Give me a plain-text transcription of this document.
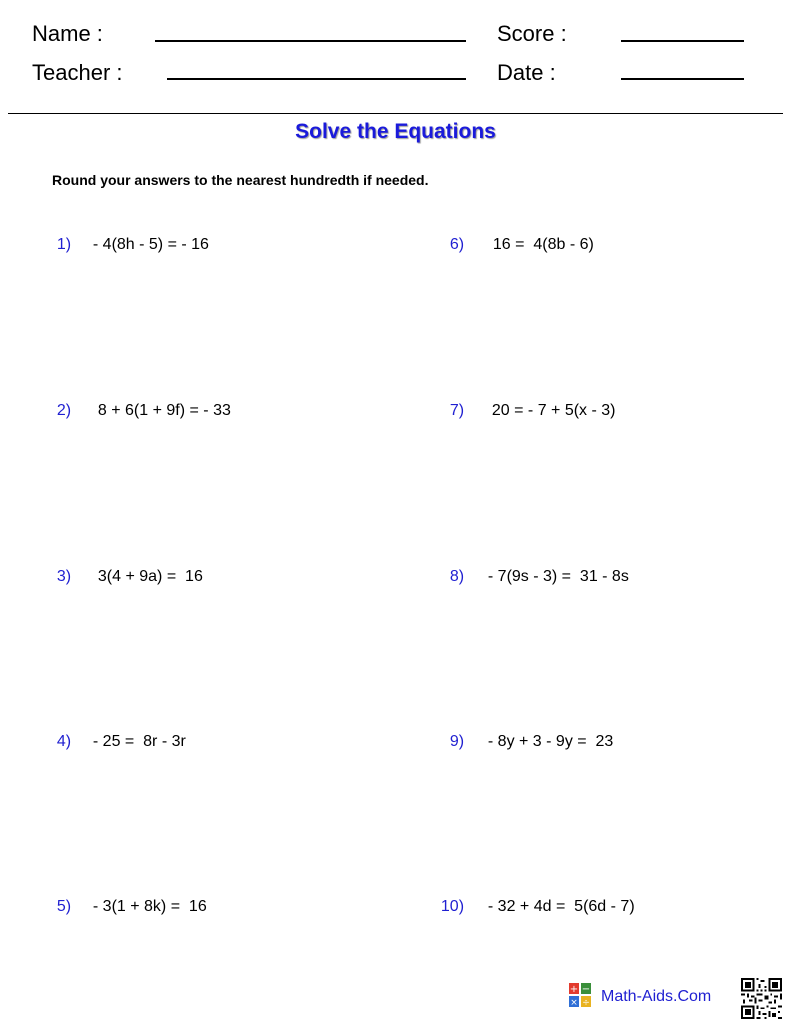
Name :
Teacher :
Score :
Date :
Solve the Equations
Round your answers to the nearest hundredth if needed.

1) - 4(8h - 5) = - 16

2) 8 + 6(1 + 9f) = - 33

3) 3(4 + 9a) =  16

4) - 25 =  8r - 3r

5) - 3(1 + 8k) =  16

6) 16 =  4(8b - 6)

7) 20 = - 7 + 5(x - 3)

8) - 7(9s - 3) =  31 - 8s

9) - 8y + 3 - 9y =  23

10) - 32 + 4d =  5(6d - 7)

+ −
× ÷ Math-Aids.Com
